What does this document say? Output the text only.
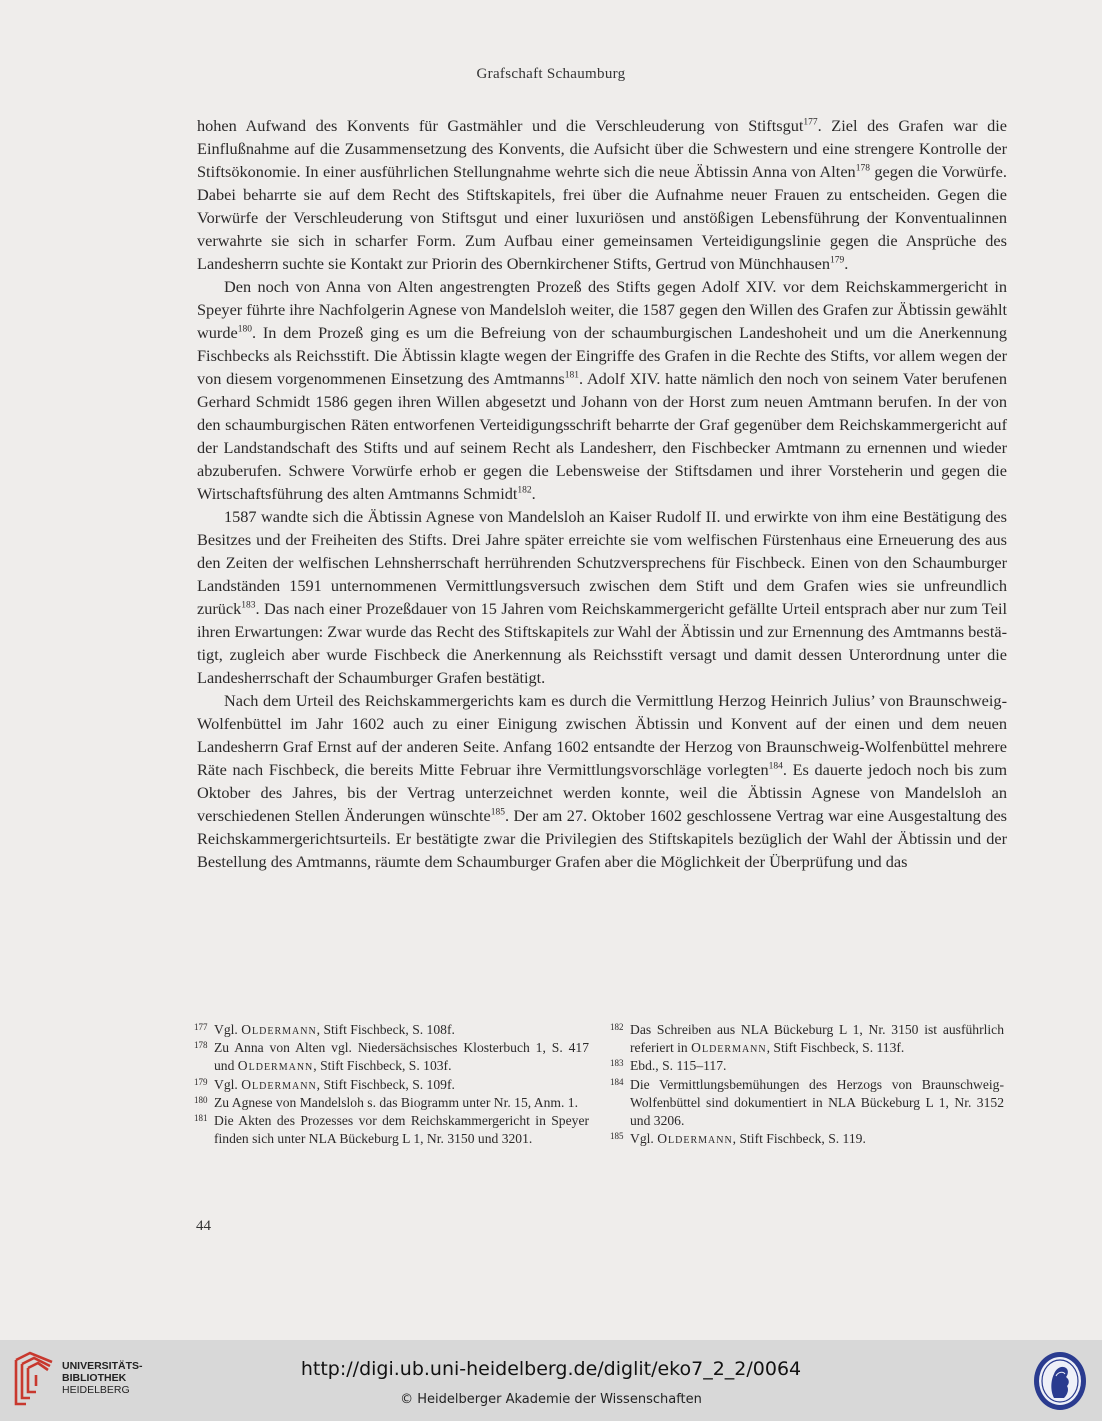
Grafschaft Schaumburg

hohen Aufwand des Konvents für Gastmähler und die Verschleuderung von Stiftsgut$^{177}$. Ziel des Grafen war die Einflußnahme auf die Zusammensetzung des Konvents, die Aufsicht über die Schwestern und eine strengere Kontrolle der Stiftsökonomie. In einer ausführlichen Stellungnahme wehrte sich die neue Äbtissin Anna von Alten$^{178}$ gegen die Vorwürfe. Dabei beharrte sie auf dem Recht des Stiftskapitels, frei über die Aufnahme neuer Frauen zu entscheiden. Gegen die Vorwürfe der Verschleuderung von Stiftsgut und einer luxuriösen und anstößigen Lebensführung der Konventualinnen verwahrte sie sich in scharfer Form. Zum Aufbau einer gemeinsamen Verteidigungslinie gegen die Ansprüche des Landesherrn suchte sie Kontakt zur Priorin des Obernkirchener Stifts, Gertrud von Münchhausen$^{179}$.

Den noch von Anna von Alten angestrengten Prozeß des Stifts gegen Adolf XIV. vor dem Reichskammergericht in Speyer führte ihre Nachfolgerin Agnese von Mandelsloh weiter, die 1587 gegen den Willen des Grafen zur Äbtissin gewählt wurde$^{180}$. In dem Prozeß ging es um die Befreiung von der schaumburgischen Landeshoheit und um die Anerkennung Fischbecks als Reichsstift. Die Äbtissin klagte wegen der Eingriffe des Grafen in die Rechte des Stifts, vor allem wegen der von diesem vorgenommenen Einsetzung des Amtmanns$^{181}$. Adolf XIV. hatte nämlich den noch von seinem Vater berufenen Gerhard Schmidt 1586 gegen ihren Willen abgesetzt und Johann von der Horst zum neuen Amtmann berufen. In der von den schaumburgischen Räten entworfenen Verteidigungsschrift beharrte der Graf gegenüber dem Reichskammergericht auf der Landstandschaft des Stifts und auf seinem Recht als Landesherr, den Fischbecker Amtmann zu ernennen und wieder abzuberufen. Schwere Vorwürfe erhob er gegen die Lebensweise der Stiftsdamen und ihrer Vorsteherin und gegen die Wirtschaftsführung des alten Amtmanns Schmidt$^{182}$.

1587 wandte sich die Äbtissin Agnese von Mandelsloh an Kaiser Rudolf II. und erwirkte von ihm eine Bestätigung des Besitzes und der Freiheiten des Stifts. Drei Jahre später erreichte sie vom welfischen Fürstenhaus eine Erneuerung des aus den Zeiten der welfischen Lehnsherrschaft herrührenden Schutzversprechens für Fischbeck. Einen von den Schaumburger Landständen 1591 unternommenen Vermittlungsversuch zwischen dem Stift und dem Grafen wies sie unfreundlich zurück$^{183}$. Das nach einer Prozeßdauer von 15 Jahren vom Reichskammergericht gefällte Urteil entsprach aber nur zum Teil ihren Erwartungen: Zwar wurde das Recht des Stiftskapitels zur Wahl der Äbtissin und zur Ernennung des Amtmanns bestätigt, zugleich aber wurde Fischbeck die Anerkennung als Reichsstift versagt und damit dessen Unterordnung unter die Landesherrschaft der Schaumburger Grafen bestätigt.

Nach dem Urteil des Reichskammergerichts kam es durch die Vermittlung Herzog Heinrich Julius’ von Braunschweig-Wolfenbüttel im Jahr 1602 auch zu einer Einigung zwischen Äbtissin und Konvent auf der einen und dem neuen Landesherrn Graf Ernst auf der anderen Seite. Anfang 1602 entsandte der Herzog von Braunschweig-Wolfenbüttel mehrere Räte nach Fischbeck, die bereits Mitte Februar ihre Vermittlungsvorschläge vorlegten$^{184}$. Es dauerte jedoch noch bis zum Oktober des Jahres, bis der Vertrag unterzeichnet werden konnte, weil die Äbtissin Agnese von Mandelsloh an verschiedenen Stellen Änderungen wünschte$^{185}$. Der am 27. Oktober 1602 geschlossene Vertrag war eine Ausgestaltung des Reichskammergerichtsurteils. Er bestätigte zwar die Privilegien des Stiftskapitels bezüglich der Wahl der Äbtissin und der Bestellung des Amtmanns, räumte dem Schaumburger Grafen aber die Möglichkeit der Überprüfung und das

177 Vgl. Oldermann, Stift Fischbeck, S. 108f.
178 Zu Anna von Alten vgl. Niedersächsisches Klosterbuch 1, S. 417 und Oldermann, Stift Fischbeck, S. 103f.
179 Vgl. Oldermann, Stift Fischbeck, S. 109f.
180 Zu Agnese von Mandelsloh s. das Biogramm unter Nr. 15, Anm. 1.
181 Die Akten des Prozesses vor dem Reichskammergericht in Speyer finden sich unter NLA Bückeburg L 1, Nr. 3150 und 3201.
182 Das Schreiben aus NLA Bückeburg L 1, Nr. 3150 ist ausführlich referiert in Oldermann, Stift Fischbeck, S. 113f.
183 Ebd., S. 115–117.
184 Die Vermittlungsbemühungen des Herzogs von Braunschweig-Wolfenbüttel sind dokumentiert in NLA Bückeburg L 1, Nr. 3152 und 3206.
185 Vgl. Oldermann, Stift Fischbeck, S. 119.
44
UNIVERSITÄTS-
BIBLIOTHEK
HEIDELBERG
http://digi.ub.uni-heidelberg.de/diglit/eko7_2_2/0064
© Heidelberger Akademie der Wissenschaften
